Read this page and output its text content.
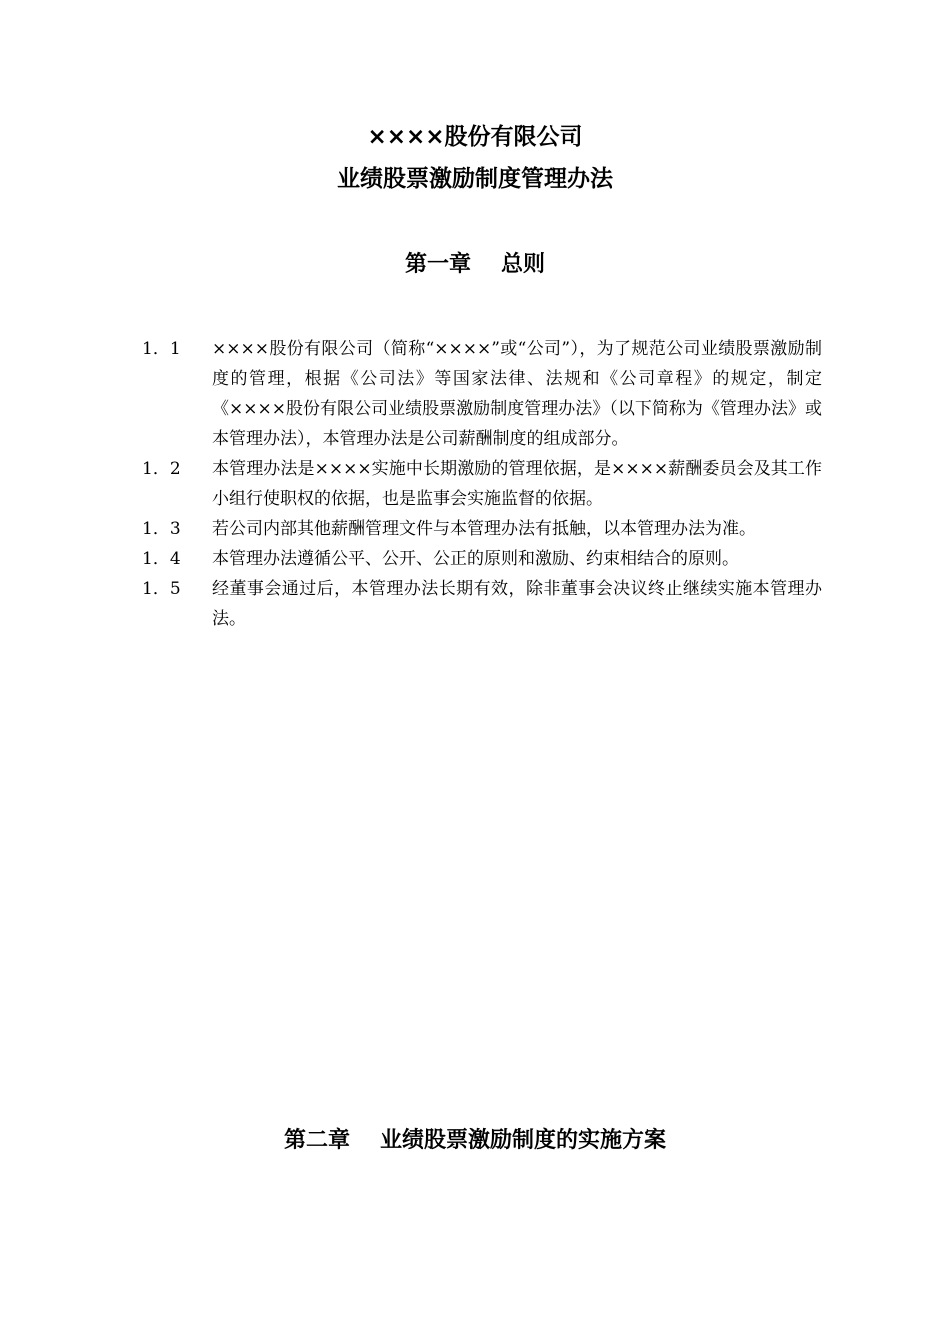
××××股份有限公司
业绩股票激励制度管理办法
第一章 总则
1．1	××××股份有限公司（简称“××××”或“公司”），为了规范公司业绩股票激励制度的管理，根据《公司法》等国家法律、法规和《公司章程》的规定，制定《××××股份有限公司业绩股票激励制度管理办法》（以下简称为《管理办法》或本管理办法），本管理办法是公司薪酬制度的组成部分。
1．2	本管理办法是××××实施中长期激励的管理依据，是××××薪酬委员会及其工作小组行使职权的依据，也是监事会实施监督的依据。
1．3	若公司内部其他薪酬管理文件与本管理办法有抵触，以本管理办法为准。
1．4	本管理办法遵循公平、公开、公正的原则和激励、约束相结合的原则。
1．5	经董事会通过后，本管理办法长期有效，除非董事会决议终止继续实施本管理办法。
第二章 业绩股票激励制度的实施方案
